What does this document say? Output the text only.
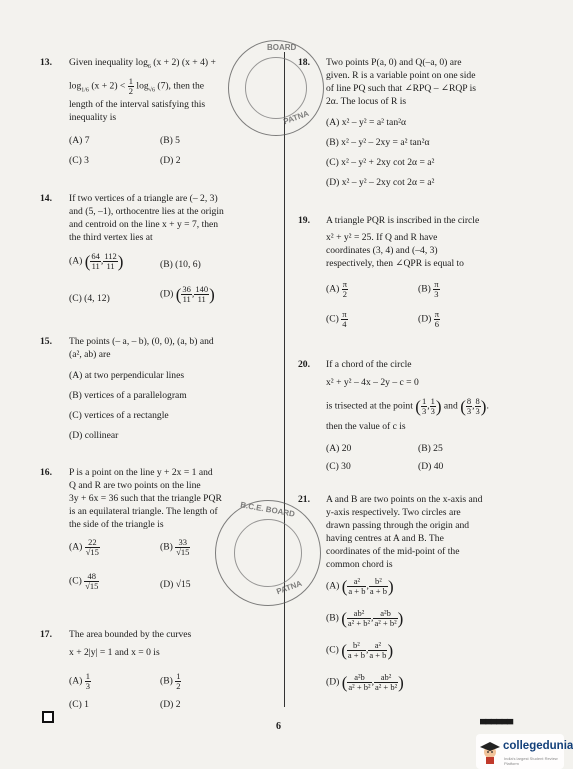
13. Given inequality $\log_6 (x + 2) (x + 4)$ +
$\log_{1/6} (x + 2) < \frac{1}{2} \log_{√6} (7)$, then the
length of the interval satisfying this
inequality is
(A) 7	(B) 5
(C) 3	(D) 2
14. If two vertices of a triangle are (– 2, 3)
and (5, –1), orthocentre lies at the origin
and centroid on the line x + y = 7, then
the third vertex lies at
(A) ( $\frac{64}{11}$ , $\frac{112}{11}$ )	(B) (10, 6)
(C) (4, 12)	(D) ( $\frac{36}{11}$ , $\frac{140}{11}$ )
15. The points (– a, – b), (0, 0), (a, b) and
(a², ab) are
(A) at two perpendicular lines
(B) vertices of a parallelogram
(C) vertices of a rectangle
(D) collinear
16. P is a point on the line y + 2x = 1 and
Q and R are two points on the line
3y + 6x = 36 such that the triangle PQR
is an equilateral triangle. The length of
the side of the triangle is
$(A) \frac{22}{√15}$	$(B) \frac{33}{√15}$
$(C) \frac{48}{√15}$	(D) √15
17. The area bounded by the curves
x + 2|y| = 1 and x = 0 is
$(A) \frac{1}{3}$	$(B) \frac{1}{2}$
(C) 1	(D) 2
18. Two points P(a, 0) and Q(–a, 0) are
given. R is a variable point on one side
of line PQ such that ∠RPQ – ∠RQP is
2α. The locus of R is
(A) x² – y² = a² tan²α
(B) x² – y² – 2xy = a² tan²α
(C) x² – y² + 2xy cot 2α = a²
(D) x² – y² – 2xy cot 2α = a²
19. A triangle PQR is inscribed in the circle
x² + y² = 25. If Q and R have
coordinates (3, 4) and (–4, 3)
respectively, then ∠QPR is equal to
$(A) \frac{\pi}{2}$	$(B) \frac{\pi}{3}$
$(C) \frac{\pi}{4}$	$(D) \frac{\pi}{6}$
20. If a chord of the circle
x² + y² – 4x – 2y – c = 0
is trisected at the point ( $\frac{1}{3}$ , $\frac{1}{3}$ ) and ( $\frac{8}{3}$ , $\frac{8}{3}$ ).
then the value of c is
(A) 20	(B) 25
(C) 30	(D) 40
21. A and B are two points on the x-axis and
y-axis respectively. Two circles are
drawn passing through the origin and
having centres at A and B. The
coordinates of the mid-point of the
common chord is
(A) ( $\frac{\text{a²}}{a + b}$ , $\frac{\text{b²}}{a + b}$ )
(B) ( $\frac{\text{ab²}}{\text{a² + b²}}$ , $\frac{\text{a²b}}{\text{a² + b²}}$ )
(C) ( $\frac{\text{b²}}{a + b}$ , $\frac{\text{a²}}{a + b}$ )
(D) ( $\frac{\text{a²b}}{\text{a² + b²}}$ , $\frac{\text{ab²}}{\text{a² + b²}}$ )
BOARD
PATNA
B.C.E. BOARD
PATNA
6	▀▀▀▀▀▀
collegeduniа
India's largest Student Review Platform
